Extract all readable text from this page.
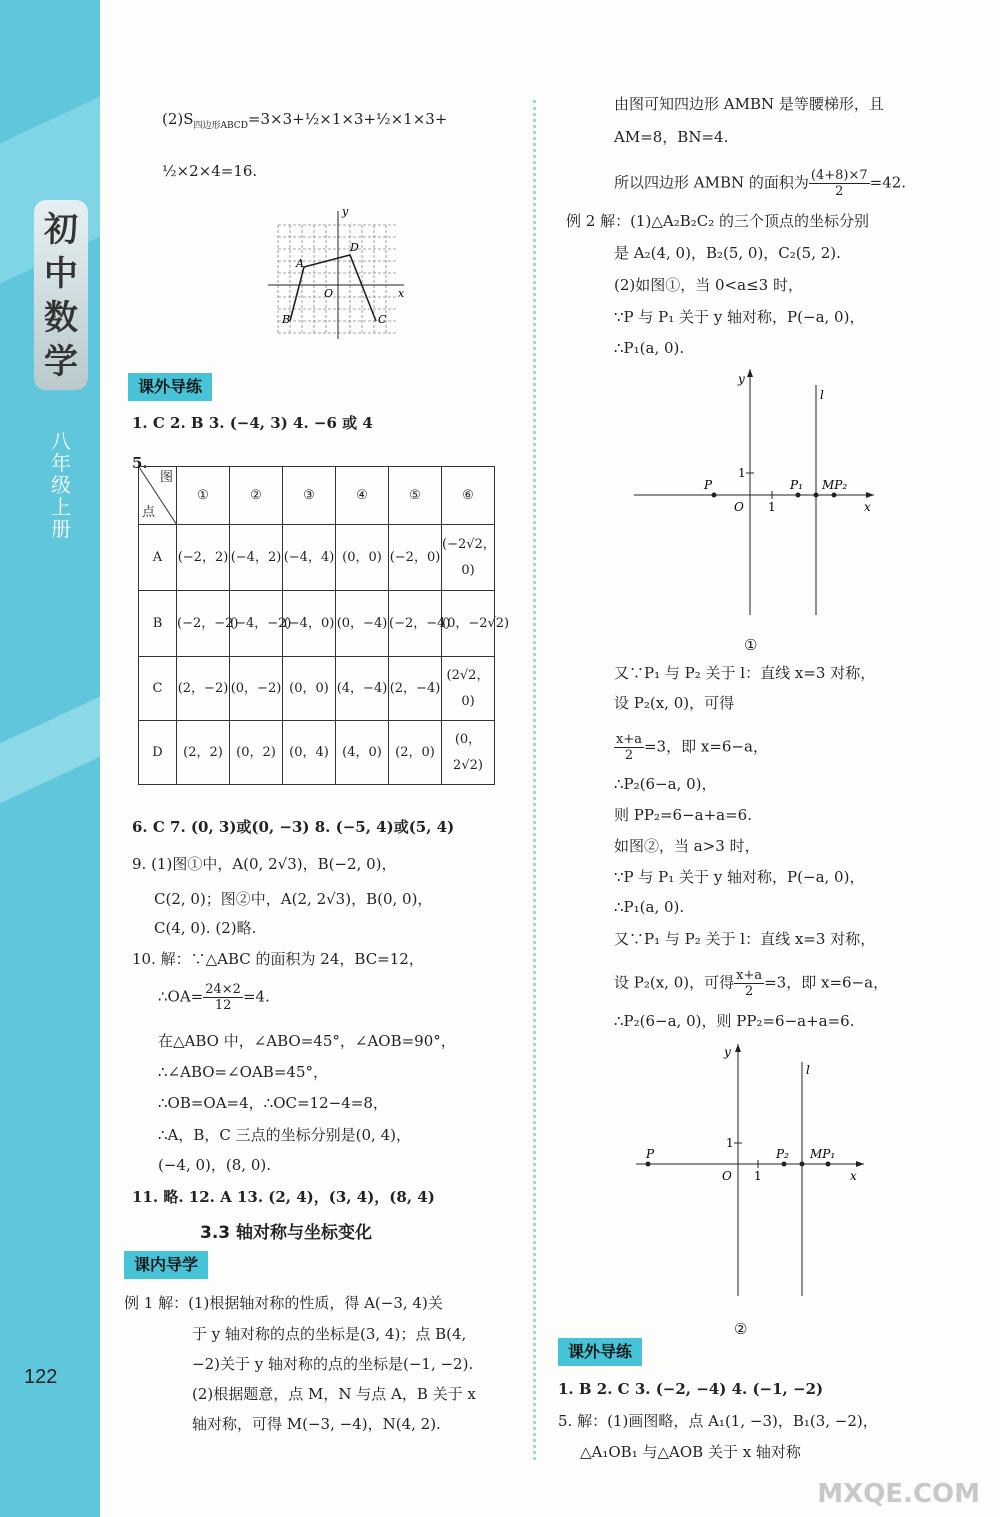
初中数学
八年级上册
122
$(2)S_{四边形ABCD}=3\times 3+\frac{1}{2}\times 1\times 3+\frac{1}{2}\times 1\times 3+$
½×2×4=16.
y
A
D
O	x
B	C
课外导练
1. C 2. B 3. (−4, 3) 4. −6 或 4
5.
图
点	①	②	③	④	⑤	⑥
A	(−2，2)	(−4，2)	(−4，4)	(0，0)	(−2，0)	(−2√2，0)
B	(−2，−2)	(−4，−2)	(−4，0)	(0，−4)	(−2，−4)	(0，−2√2)
C	(2，−2)	(0，−2)	(0，0)	(4，−4)	(2，−4)	(2√2，0)
D	(2，2)	(0，2)	(0，4)	(4，0)	(2，0)	(0，2√2)
6. C 7. (0, 3)或(0, −3) 8. (−5, 4)或(5, 4)
9. (1)图①中，A(0, 2√3)，B(−2, 0)，
C(2, 0)；图②中，A(2, 2√3)，B(0, 0)，
C(4, 0). (2)略.
10. 解：∵△ABC 的面积为 24，BC=12，
∴OA= $\frac{24\times 2}{12} =4$.
在△ABO 中，∠ABO=45°，∠AOB=90°，
∴∠ABO=∠OAB=45°，
∴OB=OA=4，∴OC=12−4=8，
∴A，B，C 三点的坐标分别是(0, 4)，
(−4, 0)，(8, 0).
11. 略. 12. A 13. (2, 4)，(3, 4)，(8, 4)
3.3 轴对称与坐标变化
课内导学
例 1 解：(1)根据轴对称的性质，得 A(−3, 4)关
于 y 轴对称的点的坐标是(3, 4)；点 B(4,
−2)关于 y 轴对称的点的坐标是(−1, −2).
(2)根据题意，点 M，N 与点 A，B 关于 x
轴对称，可得 M(−3, −4)，N(4, 2).
由图可知四边形 AMBN 是等腰梯形，且
AM=8，BN=4.
所以四边形 AMBN 的面积为 $\frac{(4+8)\times 7}{2} =42$.
例 2 解：(1)△A₂B₂C₂ 的三个顶点的坐标分别
是 A₂(4, 0)，B₂(5, 0)，C₂(5, 2).
(2)如图①，当 0<a≤3 时，
∵P 与 P₁ 关于 y 轴对称，P(−a, 0)，
∴P₁(a, 0).
y
l
1
P	P₁ MP₂
O 1	x
①
又∵P₁ 与 P₂ 关于 l：直线 x=3 对称，
设 P₂(x, 0)，可得
$\frac{x+a}{2} =3$，即 x=6−a，
∴P₂(6−a, 0)，
则 PP₂=6−a+a=6.
如图②，当 a>3 时，
∵P 与 P₁ 关于 y 轴对称，P(−a, 0)，
∴P₁(a, 0).
又∵P₁ 与 P₂ 关于 l：直线 x=3 对称，
设 P₂(x, 0)，可得 $\frac{x+a}{2} =3$，即 x=6−a，
∴P₂(6−a, 0)，则 PP₂=6−a+a=6.
y
l
1
P	P₂ MP₁
O 1	x
②
课外导练
1. B 2. C 3. (−2, −4) 4. (−1, −2)
5. 解：(1)画图略，点 A₁(1, −3)，B₁(3, −2)，
△A₁OB₁ 与△AOB 关于 x 轴对称
MXQE.COM
